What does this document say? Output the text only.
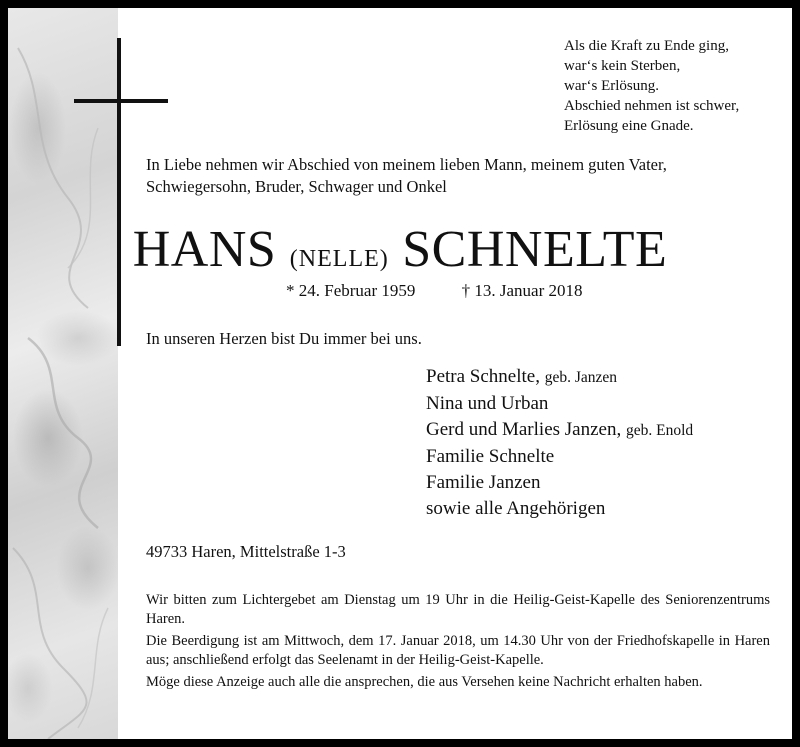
Als die Kraft zu Ende ging,
war‘s kein Sterben,
war‘s Erlösung.
Abschied nehmen ist schwer,
Erlösung eine Gnade.
In Liebe nehmen wir Abschied von meinem lieben Mann, meinem guten Vater,
Schwiegersohn, Bruder, Schwager und Onkel
HANS (NELLE) SCHNELTE
* 24. Februar 1959	† 13. Januar 2018
In unseren Herzen bist Du immer bei uns.
Petra Schnelte, geb. Janzen
Nina und Urban
Gerd und Marlies Janzen, geb. Enold
Familie Schnelte
Familie Janzen
sowie alle Angehörigen
49733 Haren, Mittelstraße 1-3

Wir bitten zum Lichtergebet am Dienstag um 19 Uhr in die Heilig-Geist-Kapelle des Seniorenzentrums Haren.

Die Beerdigung ist am Mittwoch, dem 17. Januar 2018, um 14.30 Uhr von der Friedhofskapelle in Haren aus; anschließend erfolgt das Seelenamt in der Heilig-Geist-Kapelle.

Möge diese Anzeige auch alle die ansprechen, die aus Versehen keine Nachricht erhalten haben.
